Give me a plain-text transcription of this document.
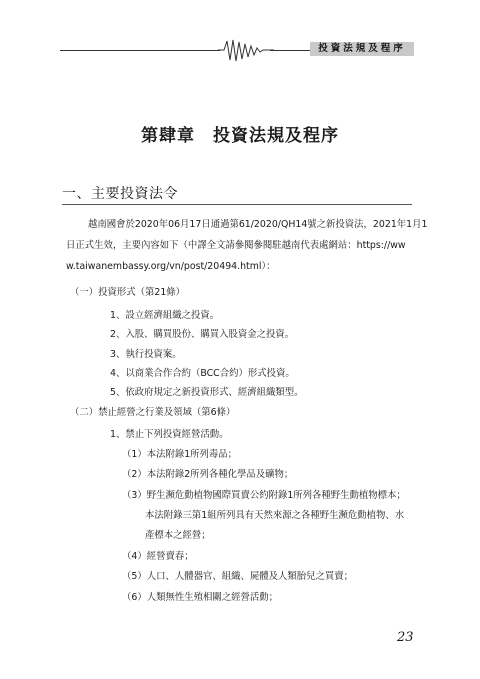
投資法規及程序
第肆章　投資法規及程序
一、主要投資法令
越南國會於2020年06月17日通過第61/2020/QH14號之新投資法，2021年1月1
日正式生效，主要內容如下（中譯全文請參閱參閱駐越南代表處網站：https://ww
w.taiwanembassy.org/vn/post/20494.html）：
（一）投資形式（第21條）
1、設立經濟組織之投資。
2、入股、購買股份、購買入股資金之投資。
3、執行投資案。
4、以商業合作合約（BCC合約）形式投資。
5、依政府規定之新投資形式、經濟組織類型。
（二）禁止經營之行業及領域（第6條）
1、禁止下列投資經營活動。
（1）本法附錄1所列毒品；
（2）本法附錄2所列各種化學品及礦物；
（3）野生瀕危動植物國際買賣公約附錄1所列各種野生動植物標本；
本法附錄三第1組所列具有天然來源之各種野生瀕危動植物、水
產標本之經營；
（4）經營賣春；
（5）人口、人體器官、組織、屍體及人類胎兒之買賣；
（6）人類無性生殖相關之經營活動；
23
